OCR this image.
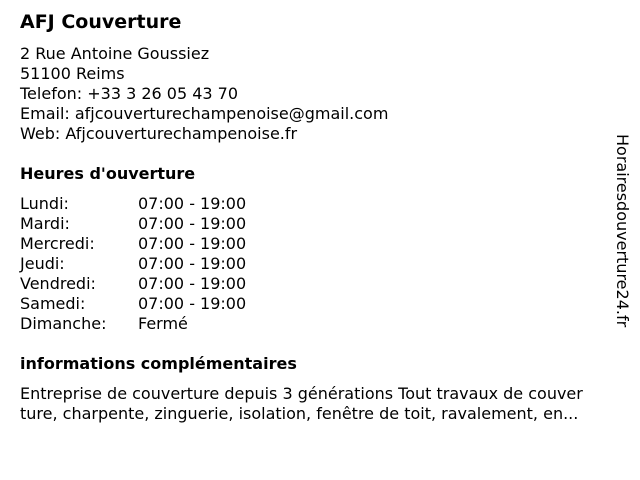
AFJ Couverture
2 Rue Antoine Goussiez
51100 Reims
Telefon: +33 3 26 05 43 70
Email: afjcouverturechampenoise@gmail.com
Web: Afjcouverturechampenoise.fr
Heures d'ouverture
Lundi:	07:00 - 19:00
Mardi:	07:00 - 19:00
Mercredi:	07:00 - 19:00
Jeudi:	07:00 - 19:00
Vendredi:	07:00 - 19:00
Samedi:	07:00 - 19:00
Dimanche: Fermé
informations complémentaires
Entreprise de couverture depuis 3 générations Tout travaux de couver
ture, charpente, zinguerie, isolation, fenêtre de toit, ravalement, en...
Horairesdouverture24.fr
